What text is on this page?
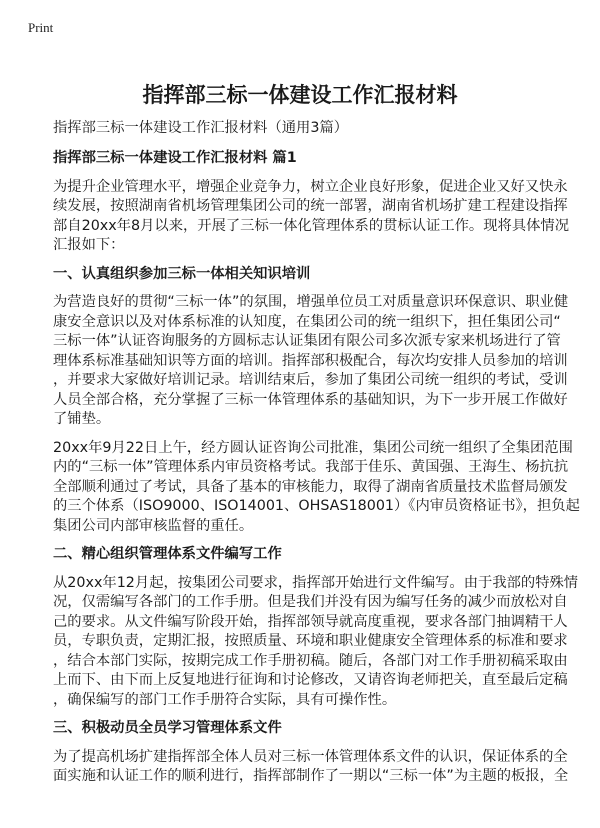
Print
指挥部三标一体建设工作汇报材料
指挥部三标一体建设工作汇报材料（通用3篇）
指挥部三标一体建设工作汇报材料 篇1
为提升企业管理水平，增强企业竞争力，树立企业良好形象，促进企业又好又快永
续发展，按照湖南省机场管理集团公司的统一部署，湖南省机场扩建工程建设指挥
部自20xx年8月以来，开展了三标一体化管理体系的贯标认证工作。现将具体情况
汇报如下：
一、认真组织参加三标一体相关知识培训
为营造良好的贯彻“三标一体”的氛围，增强单位员工对质量意识环保意识、职业健
康安全意识以及对体系标准的认知度，在集团公司的统一组织下，担任集团公司“
三标一体”认证咨询服务的方圆标志认证集团有限公司多次派专家来机场进行了管
理体系标准基础知识等方面的培训。指挥部积极配合，每次均安排人员参加的培训
，并要求大家做好培训记录。培训结束后，参加了集团公司统一组织的考试，受训
人员全部合格，充分掌握了三标一体管理体系的基础知识，为下一步开展工作做好
了铺垫。
20xx年9月22日上午，经方圆认证咨询公司批准，集团公司统一组织了全集团范围
内的“三标一体”管理体系内审员资格考试。我部于佳乐、黄国强、王海生、杨抗抗
全部顺利通过了考试，具备了基本的审核能力，取得了湖南省质量技术监督局颁发
的三个体系（ISO9000、ISO14001、OHSAS18001）《内审员资格证书》，担负起
集团公司内部审核监督的重任。
二、精心组织管理体系文件编写工作
从20xx年12月起，按集团公司要求，指挥部开始进行文件编写。由于我部的特殊情
况，仅需编写各部门的工作手册。但是我们并没有因为编写任务的减少而放松对自
己的要求。从文件编写阶段开始，指挥部领导就高度重视，要求各部门抽调精干人
员，专职负责，定期汇报，按照质量、环境和职业健康安全管理体系的标准和要求
，结合本部门实际，按期完成工作手册初稿。随后，各部门对工作手册初稿采取由
上而下、由下而上反复地进行征询和讨论修改，又请咨询老师把关，直至最后定稿
，确保编写的部门工作手册符合实际，具有可操作性。
三、积极动员全员学习管理体系文件
为了提高机场扩建指挥部全体人员对三标一体管理体系文件的认识，保证体系的全
面实施和认证工作的顺利进行，指挥部制作了一期以“三标一体”为主题的板报，全
